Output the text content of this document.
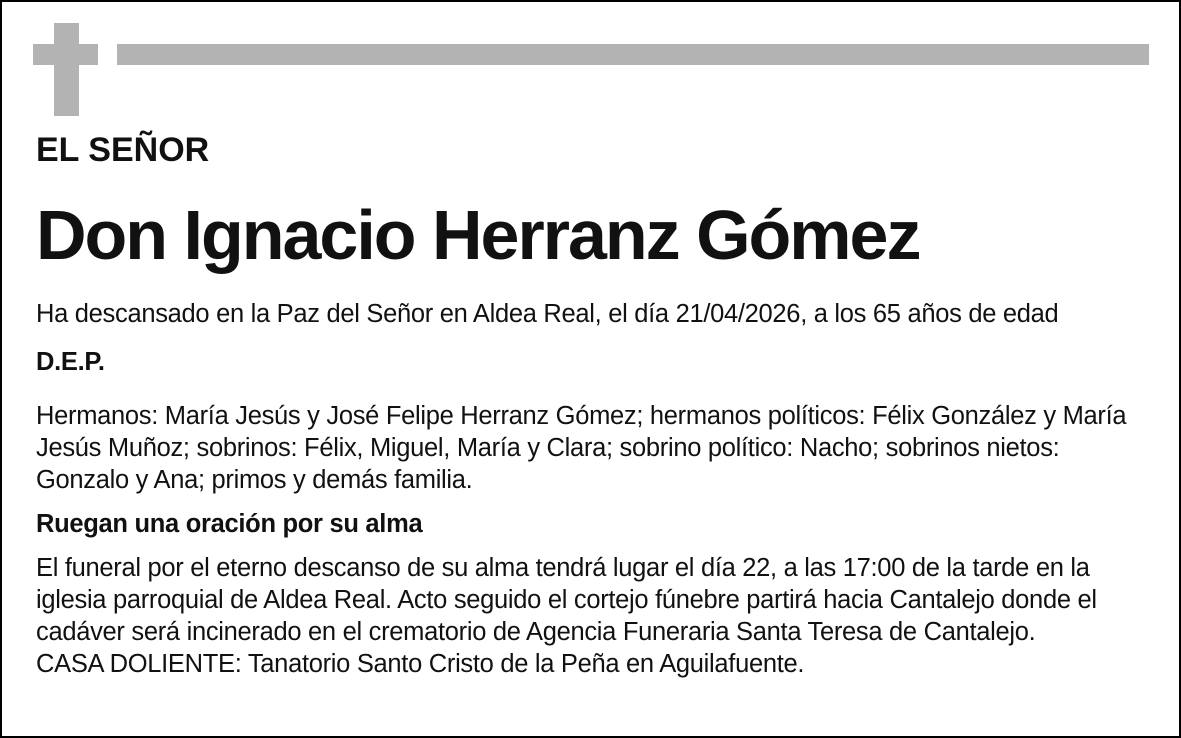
EL SEÑOR
Don Ignacio Herranz Gómez
Ha descansado en la Paz del Señor en Aldea Real, el día 21/04/2026, a los 65 años de edad
D.E.P.
Hermanos: María Jesús y José Felipe Herranz Gómez; hermanos políticos: Félix González y María Jesús Muñoz; sobrinos: Félix, Miguel, María y Clara; sobrino político: Nacho; sobrinos nietos: Gonzalo y Ana; primos y demás familia.
Ruegan una oración por su alma
El funeral por el eterno descanso de su alma tendrá lugar el día 22, a las 17:00 de la tarde en la iglesia parroquial de Aldea Real. Acto seguido el cortejo fúnebre partirá hacia Cantalejo donde el cadáver será incinerado en el crematorio de Agencia Funeraria Santa Teresa de Cantalejo.
CASA DOLIENTE: Tanatorio Santo Cristo de la Peña en Aguilafuente.
